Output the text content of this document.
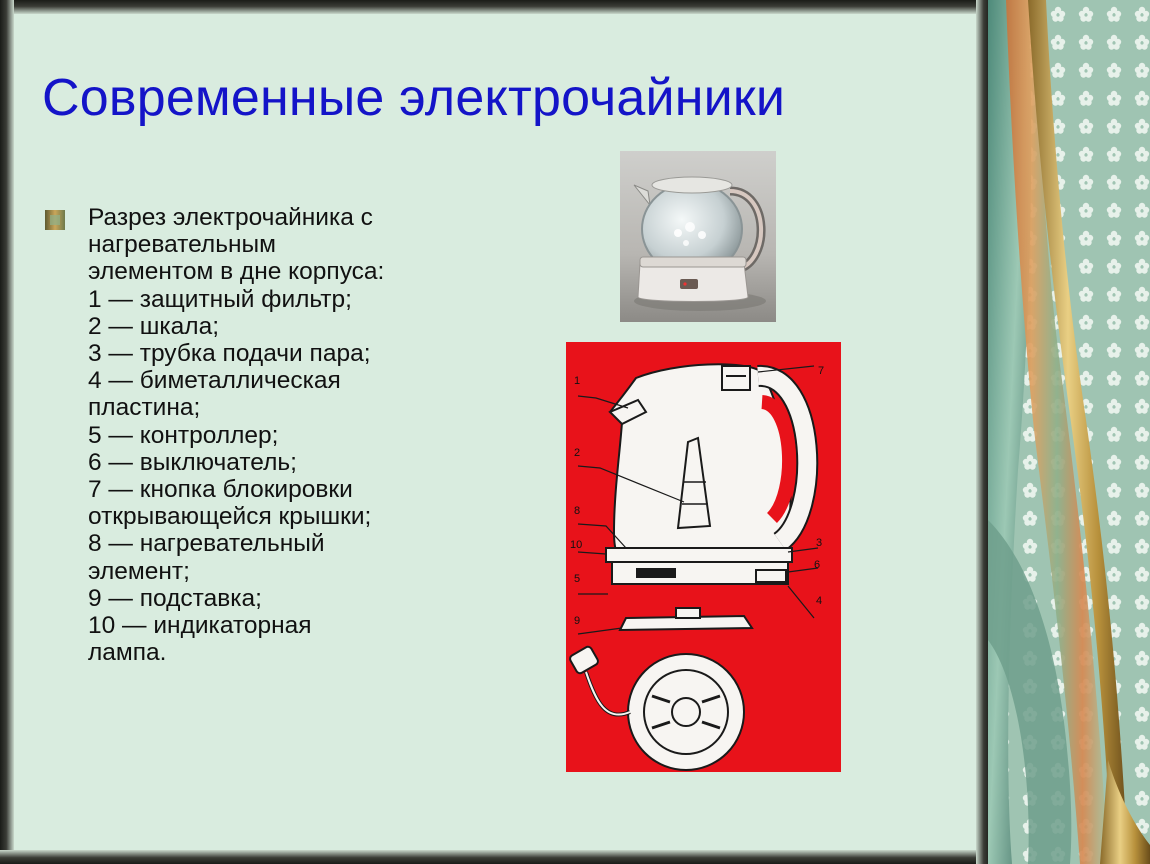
Современные электрочайники
Разрез электрочайника с
нагревательным
элементом в дне корпуса:
1 — защитный фильтр;
2 — шкала;
3 — трубка подачи пара;
4 — биметаллическая
пластина;
5 — контроллер;
6 — выключатель;
7 — кнопка блокировки
открывающейся крышки;
8 — нагревательный
элемент;
9 — подставка;
10 — индикаторная
лампа.
1
2
3
4
5
6
7
8
9
10
